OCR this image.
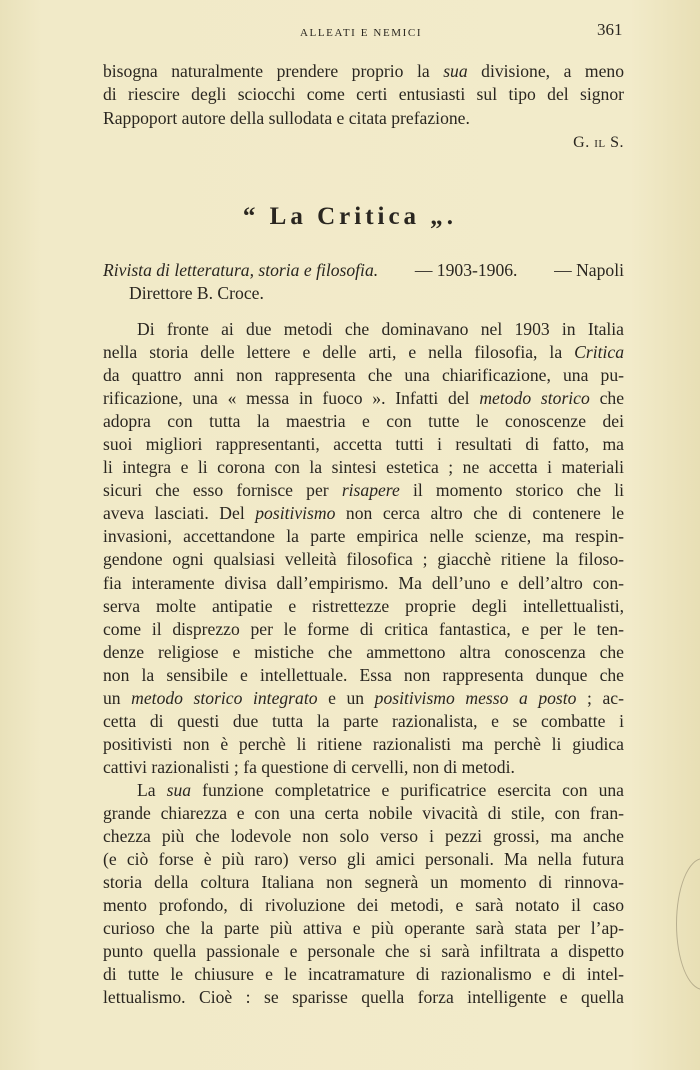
ALLEATI E NEMICI	361
bisogna naturalmente prendere proprio la sua divisione, a meno
di riescire degli sciocchi come certi entusiasti sul tipo del signor
Rappoport autore della sullodata e citata prefazione.
G. il S.
“ La Critica „.
Rivista di letteratura, storia e filosofia. — 1903-1906. — Napoli
Direttore B. Croce.
Di fronte ai due metodi che dominavano nel 1903 in Italia
nella storia delle lettere e delle arti, e nella filosofia, la Critica
da quattro anni non rappresenta che una chiarificazione, una pu-
rificazione, una « messa in fuoco ». Infatti del metodo storico che
adopra con tutta la maestria e con tutte le conoscenze dei
suoi migliori rappresentanti, accetta tutti i resultati di fatto, ma
li integra e li corona con la sintesi estetica ; ne accetta i materiali
sicuri che esso fornisce per risapere il momento storico che li
aveva lasciati. Del positivismo non cerca altro che di contenere le
invasioni, accettandone la parte empirica nelle scienze, ma respin-
gendone ogni qualsiasi velleità filosofica ; giacchè ritiene la filoso-
fia interamente divisa dall’empirismo. Ma dell’uno e dell’altro con-
serva molte antipatie e ristrettezze proprie degli intellettualisti,
come il disprezzo per le forme di critica fantastica, e per le ten-
denze religiose e mistiche che ammettono altra conoscenza che
non la sensibile e intellettuale. Essa non rappresenta dunque che
un metodo storico integrato e un positivismo messo a posto ; ac-
cetta di questi due tutta la parte razionalista, e se combatte i
positivisti non è perchè li ritiene razionalisti ma perchè li giudica
cattivi razionalisti ; fa questione di cervelli, non di metodi.
La sua funzione completatrice e purificatrice esercita con una
grande chiarezza e con una certa nobile vivacità di stile, con fran-
chezza più che lodevole non solo verso i pezzi grossi, ma anche
(e ciò forse è più raro) verso gli amici personali. Ma nella futura
storia della coltura Italiana non segnerà un momento di rinnova-
mento profondo, di rivoluzione dei metodi, e sarà notato il caso
curioso che la parte più attiva e più operante sarà stata per l’ap-
punto quella passionale e personale che si sarà infiltrata a dispetto
di tutte le chiusure e le incatramature di razionalismo e di intel-
lettualismo. Cioè : se sparisse quella forza intelligente e quella
